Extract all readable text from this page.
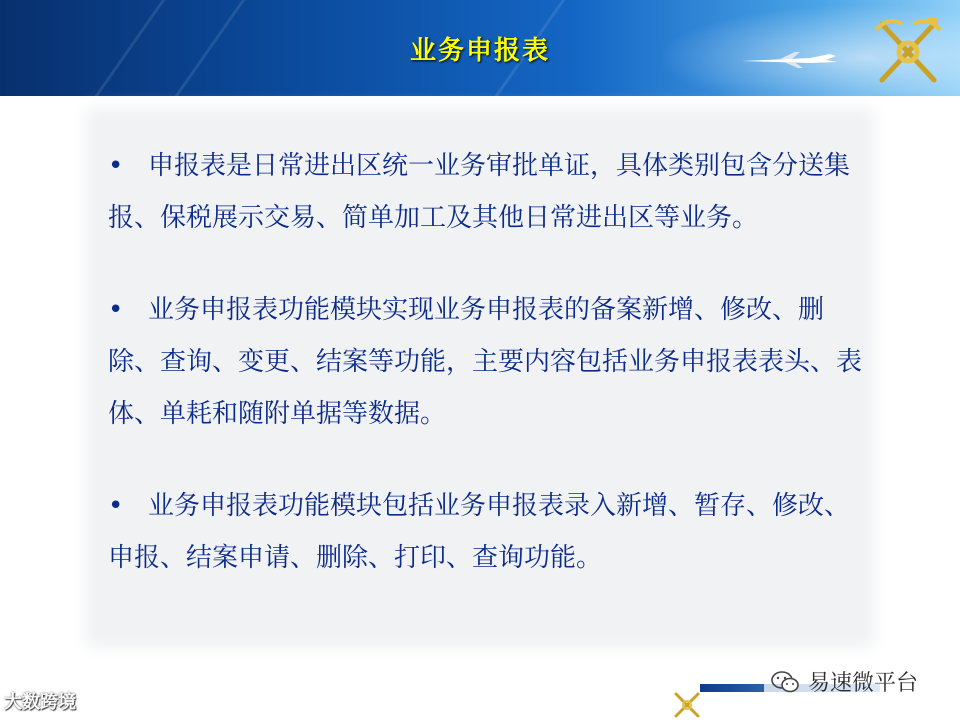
业务申报表
• 申报表是日常进出区统一业务审批单证，具体类别包含分送集报、保税展示交易、简单加工及其他日常进出区等业务。
• 业务申报表功能模块实现业务申报表的备案新增、修改、删除、查询、变更、结案等功能，主要内容包括业务申报表表头、表体、单耗和随附单据等数据。
• 业务申报表功能模块包括业务申报表录入新增、暂存、修改、申报、结案申请、删除、打印、查询功能。
大数跨境
易速微平台
